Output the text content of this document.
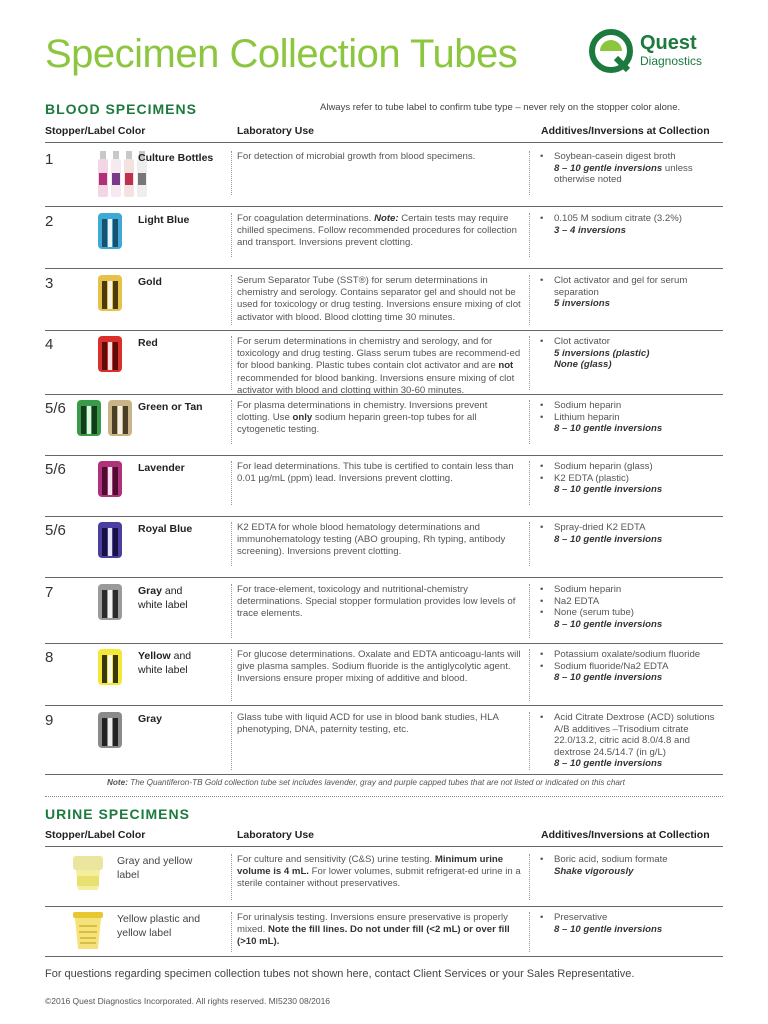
Specimen Collection Tubes	Quest
Diagnostics
BLOOD SPECIMENS	Always refer to tube label to confirm tube type – never rely on the stopper color alone.
Stopper/Label Color	Laboratory Use	Additives/Inversions at Collection
1	Culture Bottles For detection of microbial growth from blood specimens.
•	Soybean-casein digest broth
8 – 10 gentle inversions unless otherwise noted
2	Light Blue	For coagulation determinations. Note: Certain tests may require chilled specimens. Follow recommended procedures for collection and transport. Inversions prevent clotting.
• 0.105 M sodium citrate (3.2%)
3 – 4 inversions
3	Gold	Serum Separator Tube (SST®) for serum determinations in chemistry and serology. Contains separator gel and should not be used for toxicology or drug testing. Inversions ensure mixing of clot activator with blood. Blood clotting time 30 minutes.
• Clot activator and gel for serum separation
5 inversions
4	Red	For serum determinations in chemistry and serology, and for toxicology and drug testing. Glass serum tubes are recommend-ed for blood banking. Plastic tubes contain clot activator and are not recommended for blood banking. Inversions ensure mixing of clot activator with blood and clotting within 30-60 minutes.
• Clot activator
5 inversions (plastic)
None (glass)
5/6	Green or Tan	For plasma determinations in chemistry. Inversions prevent clotting. Use only sodium heparin green-top tubes for all cytogenetic testing.
• Sodium heparin
• Lithium heparin
8 – 10 gentle inversions
5/6	Lavender	For lead determinations. This tube is certified to contain less than 0.01 µg/mL (ppm) lead. Inversions prevent clotting.
• Sodium heparin (glass)
• K2 EDTA (plastic)
8 – 10 gentle inversions
5/6	Royal Blue	K2 EDTA for whole blood hematology determinations and immunohematology testing (ABO grouping, Rh typing, antibody screening). Inversions prevent clotting.
• Spray-dried K2 EDTA
8 – 10 gentle inversions
7	Gray and
white label
For trace-element, toxicology and nutritional-chemistry determinations. Special stopper formulation provides low levels of trace elements.
• Sodium heparin
• Na2 EDTA
• None (serum tube)
8 – 10 gentle inversions
8	Yellow and
white label
For glucose determinations. Oxalate and EDTA anticoagu-lants will give plasma samples. Sodium fluoride is the antiglycolytic agent. Inversions ensure proper mixing of additive and blood.
• Potassium oxalate/sodium fluoride
• Sodium fluoride/Na2 EDTA
8 – 10 gentle inversions
9	Gray	Glass tube with liquid ACD for use in blood bank studies, HLA phenotyping, DNA, paternity testing, etc.
• Acid Citrate Dextrose (ACD) solutions A/B additives –Trisodium citrate 22.0/13.2, citric acid 8.0/4.8 and dextrose 24.5/14.7 (in g/L)
8 – 10 gentle inversions
Note: The Quantiferon-TB Gold collection tube set includes lavender, gray and purple capped tubes that are not listed or indicated on this chart
URINE SPECIMENS
Stopper/Label Color	Laboratory Use	Additives/Inversions at Collection
Gray and yellow label
For culture and sensitivity (C&S) urine testing. Minimum urine volume is 4 mL. For lower volumes, submit refrigerat-ed urine in a sterile container without preservatives.
• Boric acid, sodium formate
Shake vigorously
Yellow plastic and yellow label
For urinalysis testing. Inversions ensure preservative is properly mixed. Note the fill lines. Do not under fill (<2 mL) or over fill (>10 mL).
• Preservative
8 – 10 gentle inversions
For questions regarding specimen collection tubes not shown here, contact Client Services or your Sales Representative.
©2016 Quest Diagnostics Incorporated. All rights reserved. MI5230 08/2016
